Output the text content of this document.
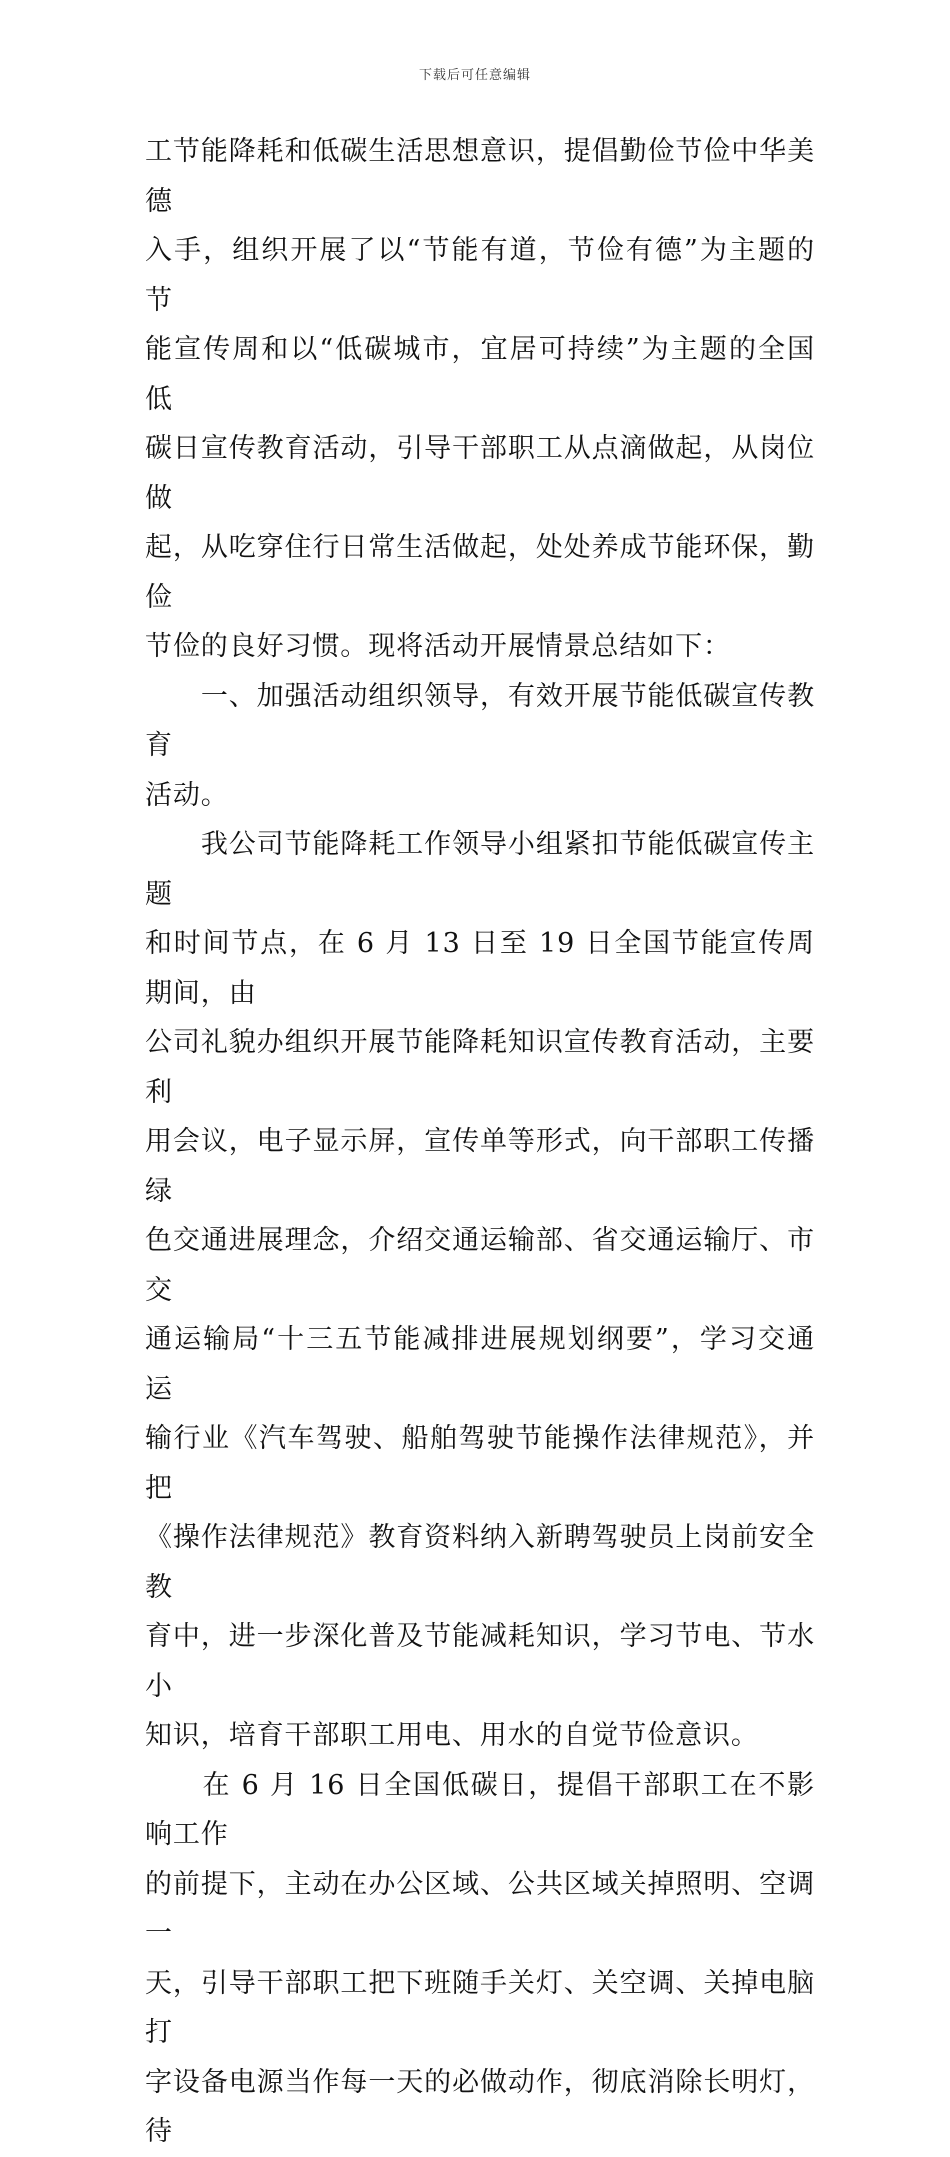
下载后可任意编辑

工节能降耗和低碳生活思想意识，提倡勤俭节俭中华美德
入手，组织开展了以“节能有道，节俭有德”为主题的节
能宣传周和以“低碳城市，宜居可持续”为主题的全国低
碳日宣传教育活动，引导干部职工从点滴做起，从岗位做
起，从吃穿住行日常生活做起，处处养成节能环保，勤俭
节俭的良好习惯。现将活动开展情景总结如下：

　　一、加强活动组织领导，有效开展节能低碳宣传教育
活动。

　　我公司节能降耗工作领导小组紧扣节能低碳宣传主题
和时间节点，在 6 月 13 日至 19 日全国节能宣传周期间，由
公司礼貌办组织开展节能降耗知识宣传教育活动，主要利
用会议，电子显示屏，宣传单等形式，向干部职工传播绿
色交通进展理念，介绍交通运输部、省交通运输厅、市交
通运输局“十三五节能减排进展规划纲要”，学习交通运
输行业《汽车驾驶、船舶驾驶节能操作法律规范》，并把
《操作法律规范》教育资料纳入新聘驾驶员上岗前安全教
育中，进一步深化普及节能减耗知识，学习节电、节水小
知识，培育干部职工用电、用水的自觉节俭意识。

　　在 6 月 16 日全国低碳日，提倡干部职工在不影响工作
的前提下，主动在办公区域、公共区域关掉照明、空调一
天，引导干部职工把下班随手关灯、关空调、关掉电脑打
字设备电源当作每一天的必做动作，彻底消除长明灯，待
